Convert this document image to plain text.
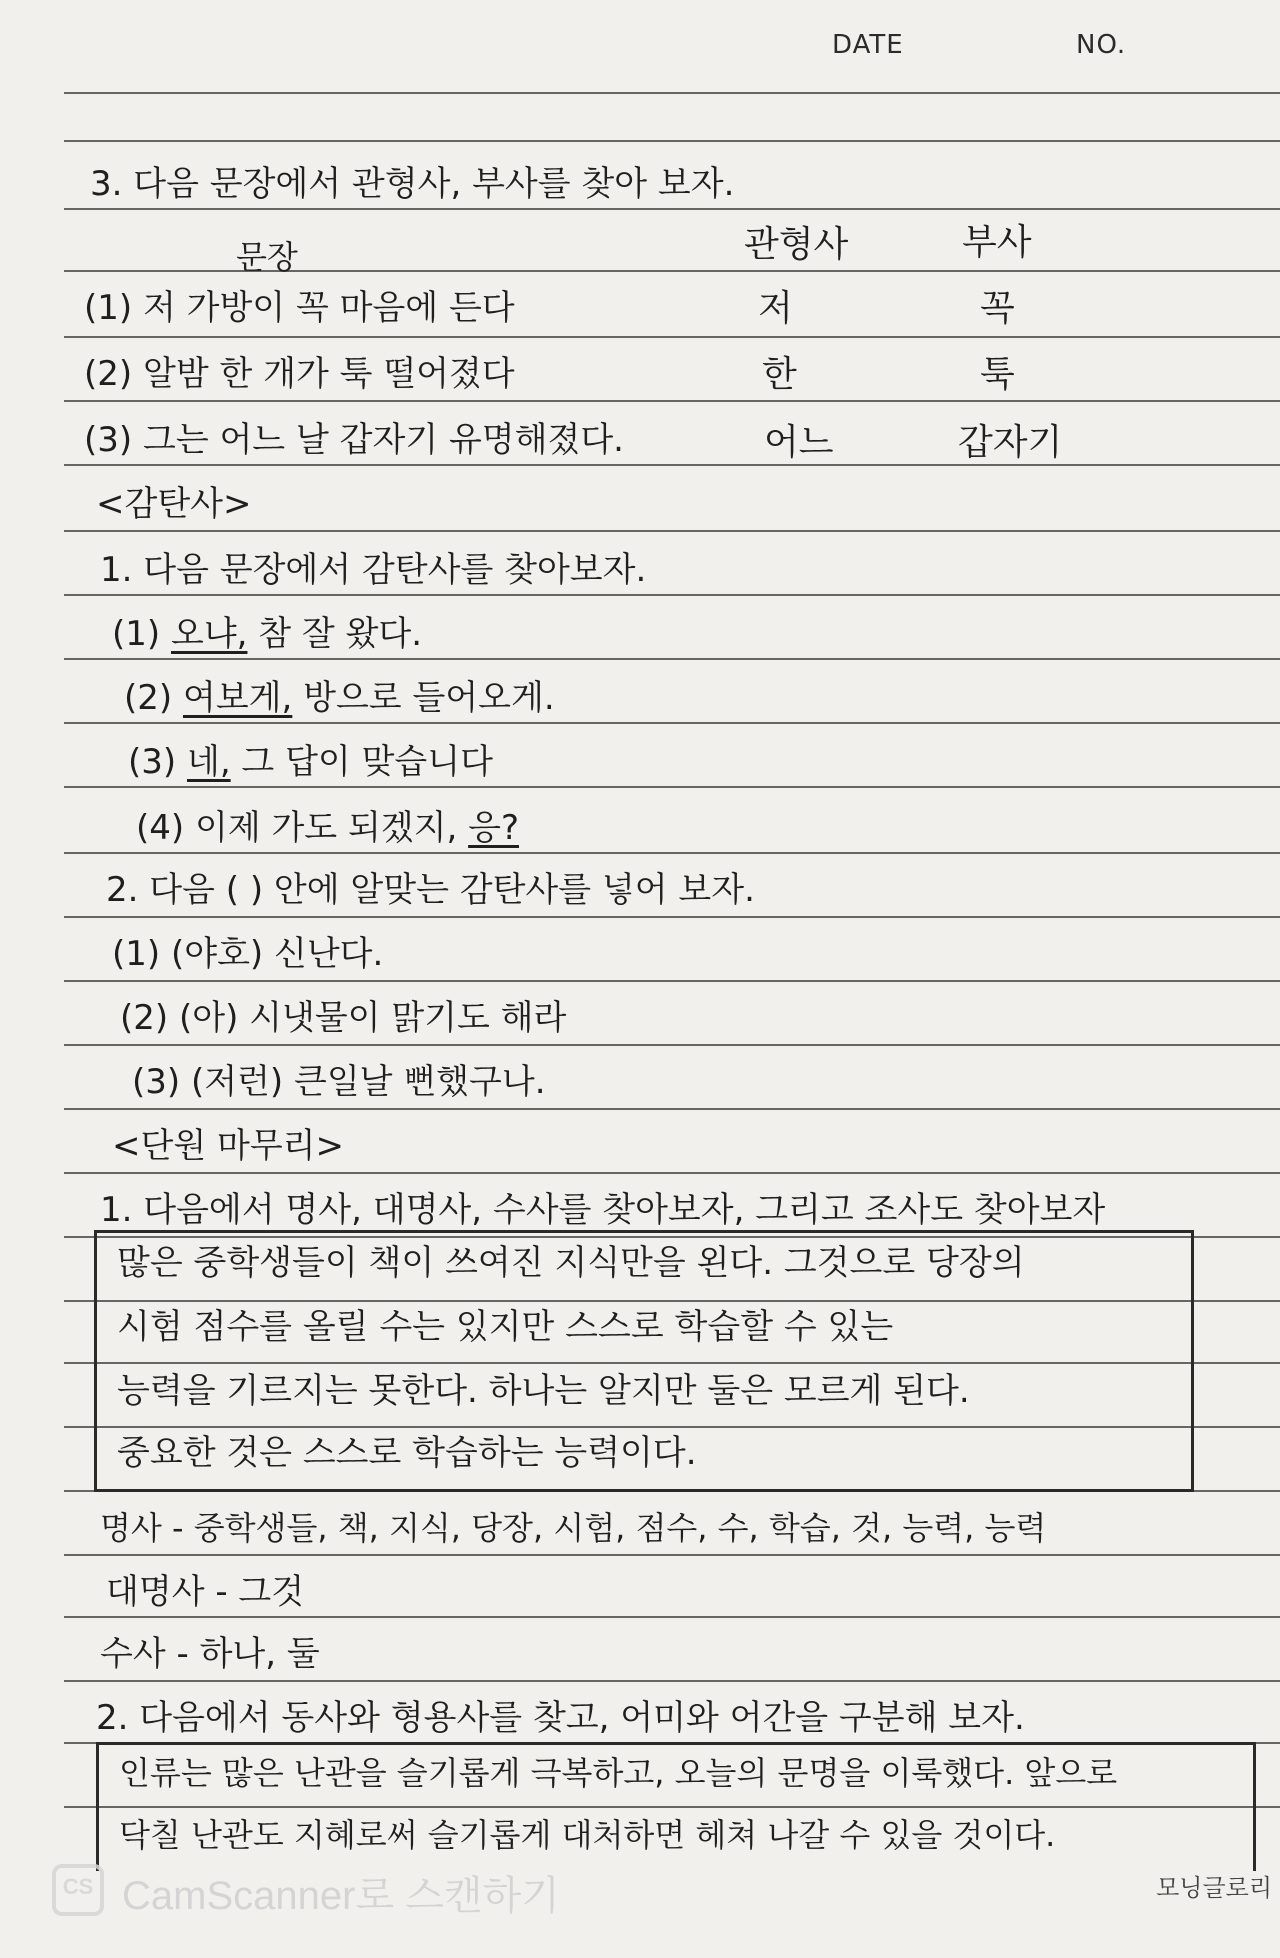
DATE	NO.
3. 다음 문장에서 관형사, 부사를 찾아 보자.
문장	관형사	부사
(1) 저 가방이 꼭 마음에 든다	저	꼭
(2) 알밤 한 개가 툭 떨어졌다	한	툭
(3) 그는 어느 날 갑자기 유명해졌다.	어느	갑자기
<감탄사>
1. 다음 문장에서 감탄사를 찾아보자.
(1) 오냐, 참 잘 왔다.
(2) 여보게, 방으로 들어오게.
(3) 네, 그 답이 맞습니다
(4) 이제 가도 되겠지, 응?
2. 다음 ( ) 안에 알맞는 감탄사를 넣어 보자.
(1) (야호) 신난다.
(2) (아) 시냇물이 맑기도 해라
(3) (저런) 큰일날 뻔했구나.
<단원 마무리>
1. 다음에서 명사, 대명사, 수사를 찾아보자, 그리고 조사도 찾아보자
많은 중학생들이 책이 쓰여진 지식만을 왼다. 그것으로 당장의
시험 점수를 올릴 수는 있지만 스스로 학습할 수 있는
능력을 기르지는 못한다. 하나는 알지만 둘은 모르게 된다.
중요한 것은 스스로 학습하는 능력이다.
명사 - 중학생들, 책, 지식, 당장, 시험, 점수, 수, 학습, 것, 능력, 능력
대명사 - 그것
수사 - 하나, 둘
2. 다음에서 동사와 형용사를 찾고, 어미와 어간을 구분해 보자.
인류는 많은 난관을 슬기롭게 극복하고, 오늘의 문명을 이룩했다. 앞으로
닥칠 난관도 지혜로써 슬기롭게 대처하면 헤쳐 나갈 수 있을 것이다.
CS CamScanner로 스캔하기	모닝글로리
